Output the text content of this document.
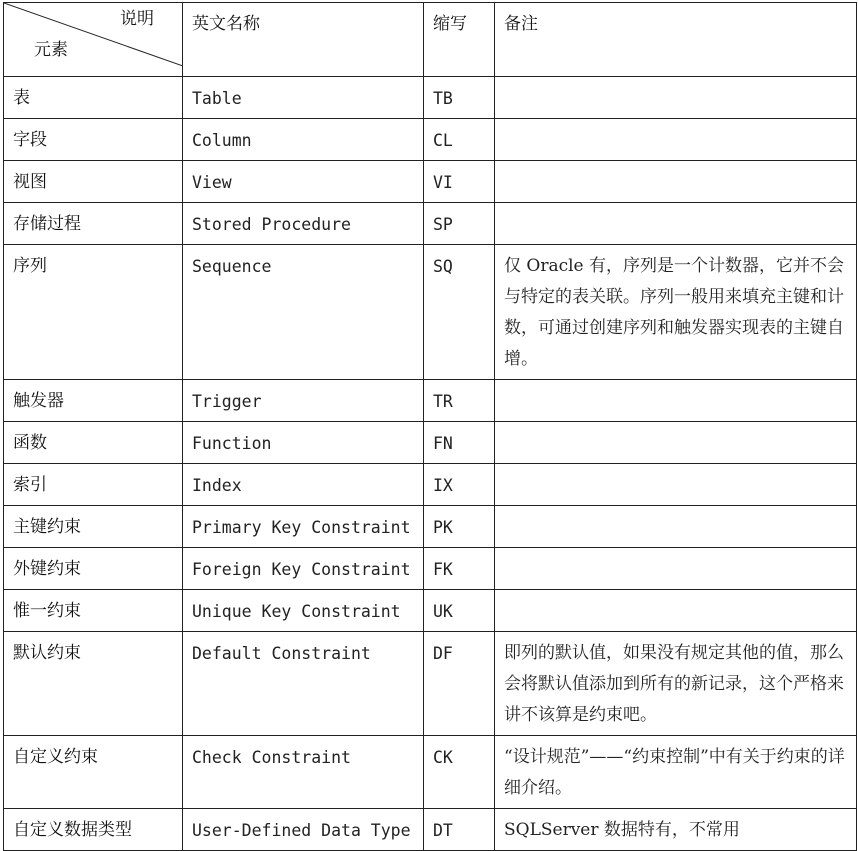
说明
元素	英文名称	缩写	备注
表	Table	TB	
字段	Column	CL	
视图	View	VI	
存储过程	Stored Procedure	SP	
序列	Sequence	SQ	仅 Oracle 有，序列是一个计数器，它并不会与特定的表关联。序列一般用来填充主键和计数，可通过创建序列和触发器实现表的主键自增。
触发器	Trigger	TR	
函数	Function	FN	
索引	Index	IX	
主键约束	Primary Key Constraint	PK	
外键约束	Foreign Key Constraint	FK	
惟一约束	Unique Key Constraint	UK	
默认约束	Default Constraint	DF	即列的默认值，如果没有规定其他的值，那么会将默认值添加到所有的新记录，这个严格来讲不该算是约束吧。
自定义约束	Check Constraint	CK	“设计规范”——“约束控制”中有关于约束的详细介绍。
自定义数据类型	User-Defined Data Type	DT	SQLServer 数据特有，不常用
